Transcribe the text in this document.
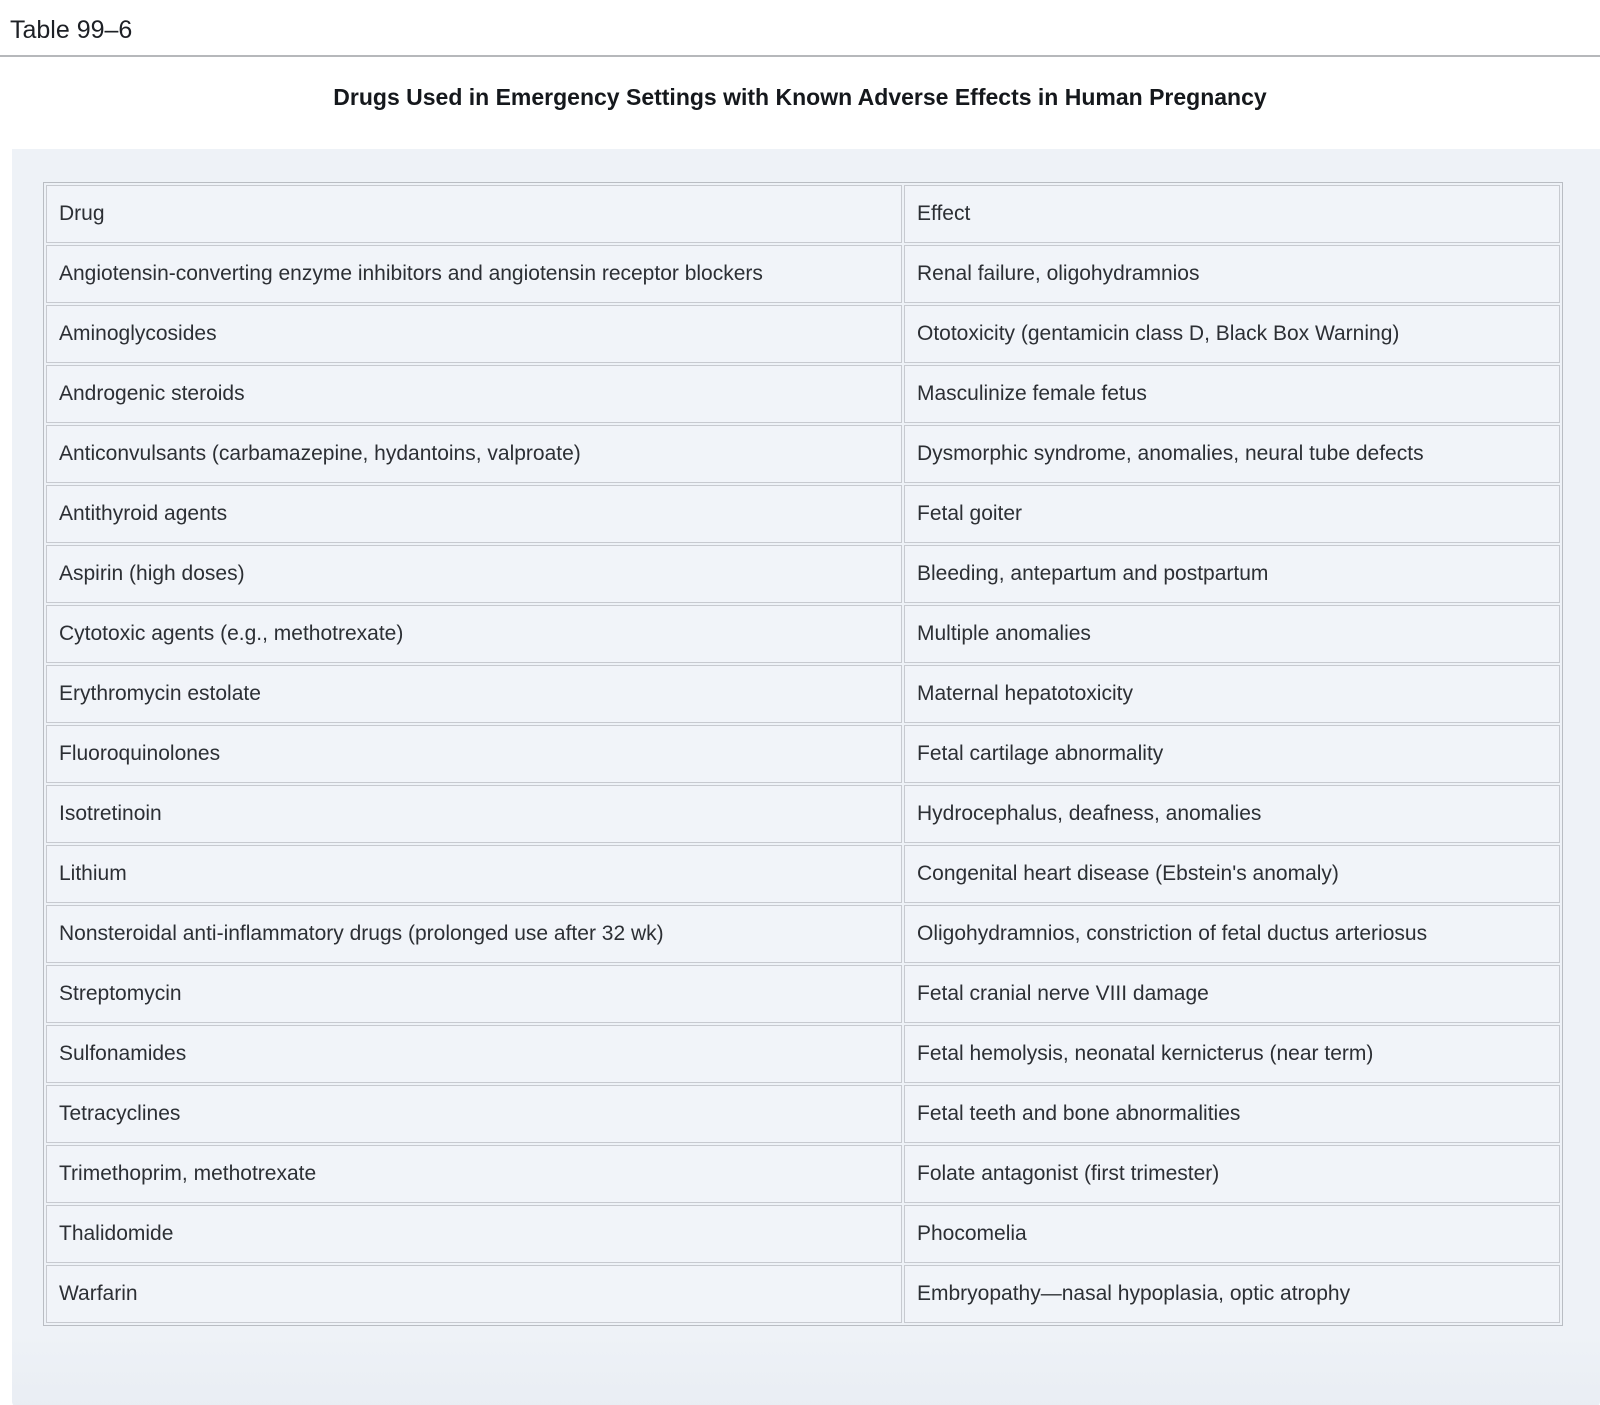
Table 99–6
Drugs Used in Emergency Settings with Known Adverse Effects in Human Pregnancy
Drug	Effect
Angiotensin-converting enzyme inhibitors and angiotensin receptor blockers	Renal failure, oligohydramnios
Aminoglycosides	Ototoxicity (gentamicin class D, Black Box Warning)
Androgenic steroids	Masculinize female fetus
Anticonvulsants (carbamazepine, hydantoins, valproate)	Dysmorphic syndrome, anomalies, neural tube defects
Antithyroid agents	Fetal goiter
Aspirin (high doses)	Bleeding, antepartum and postpartum
Cytotoxic agents (e.g., methotrexate)	Multiple anomalies
Erythromycin estolate	Maternal hepatotoxicity
Fluoroquinolones	Fetal cartilage abnormality
Isotretinoin	Hydrocephalus, deafness, anomalies
Lithium	Congenital heart disease (Ebstein's anomaly)
Nonsteroidal anti-inflammatory drugs (prolonged use after 32 wk)	Oligohydramnios, constriction of fetal ductus arteriosus
Streptomycin	Fetal cranial nerve VIII damage
Sulfonamides	Fetal hemolysis, neonatal kernicterus (near term)
Tetracyclines	Fetal teeth and bone abnormalities
Trimethoprim, methotrexate	Folate antagonist (first trimester)
Thalidomide	Phocomelia
Warfarin	Embryopathy—nasal hypoplasia, optic atrophy
